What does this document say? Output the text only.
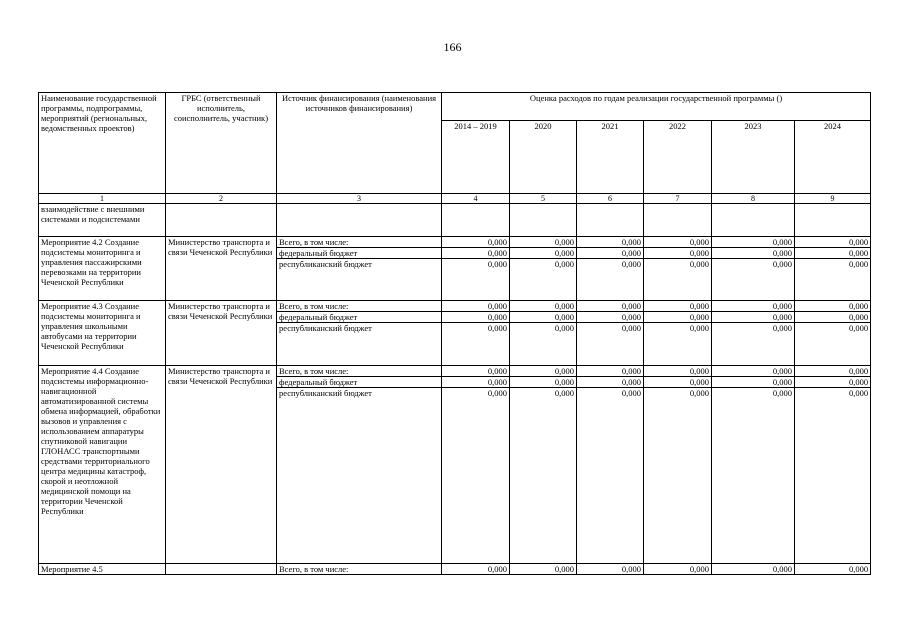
166
Наименование государственной программы, подпрограммы, мероприятий (региональных, ведомственных проектов)	ГРБС (ответственный исполнитель, соисполнитель, участник)	Источник финансирования (наименования источников финансирования)	Оценка расходов по годам реализации государственной программы ()					
			2014 – 2019	2020	2021	2022	2023	2024
1	2	3	4	5	6	7	8	9
взаимодействие с внешними системами и подсистемами								
Мероприятие 4.2 Создание подсистемы мониторинга и управления пассажирскими перевозками на территории Чеченской Республики	Министерство транспорта и связи Чеченской Республики	Всего, в том числе:	0,000	0,000	0,000	0,000	0,000	0,000
		федеральный бюджет	0,000	0,000	0,000	0,000	0,000	0,000
		республиканский бюджет	0,000	0,000	0,000	0,000	0,000	0,000
Мероприятие 4.3 Создание подсистемы мониторинга и управления школьными автобусами на территории Чеченской Республики	Министерство транспорта и связи Чеченской Республики	Всего, в том числе:	0,000	0,000	0,000	0,000	0,000	0,000
		федеральный бюджет	0,000	0,000	0,000	0,000	0,000	0,000
		республиканский бюджет	0,000	0,000	0,000	0,000	0,000	0,000
Мероприятие 4.4 Создание подсистемы информационно-навигационной автоматизированной системы обмена информацией, обработки вызовов и управления с использованием аппаратуры спутниковой навигации ГЛОНАСС транспортными средствами территориального центра медицины катастроф, скорой и неотложной медицинской помощи на территории Чеченской Республики	Министерство транспорта и связи Чеченской Республики	Всего, в том числе:	0,000	0,000	0,000	0,000	0,000	0,000
		федеральный бюджет	0,000	0,000	0,000	0,000	0,000	0,000
		республиканский бюджет	0,000	0,000	0,000	0,000	0,000	0,000
Мероприятие 4.5		Всего, в том числе:	0,000	0,000	0,000	0,000	0,000	0,000
